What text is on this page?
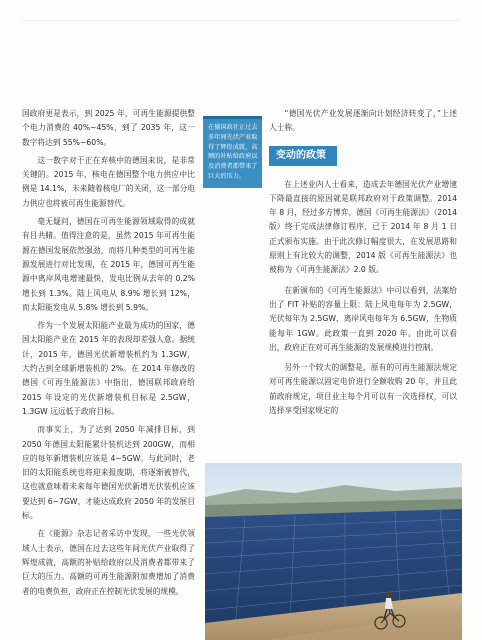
国政府更是表示，到 2025 年，可再生能源提供整个电力消费的 40%~45%，到了 2035 年，这一数字将达到 55%~60%。

这一数字对于正在弃核中的德国来说，是非常关键的。2015 年，核电在德国整个电力供应中比例是 14.1%，未来随着核电厂的关闭，这一部分电力供应也将被可再生能源替代。

毫无疑问，德国在可再生能源领域取得的成就有目共睹。值得注意的是，虽然 2015 年可再生能源在德国发展依然强劲，而将几种类型的可再生能源发展进行对比发现，在 2015 年，德国可再生能源中离岸风电增速最快，发电比例从去年的 0.2% 增长到 1.3%。陆上风电从 8.9% 增长到 12%，而太阳能发电从 5.8% 增长到 5.9%。

作为一个发展太阳能产业最为成功的国家，德国太阳能产业在 2015 年的表现却差强人意。据统计，2015 年，德国光伏新增装机约为 1.3GW，大约占到全球新增装机的 2%。在 2014 年修改的德国《可再生能源法》中指出，德国联邦政府给 2015 年设定的光伏新增装机目标是 2.5GW，1.3GW 远远低于政府目标。

而事实上，为了达到 2050 年减排目标，到 2050 年德国太阳能累计装机达到 200GW，而相应的每年新增装机应该是 4~5GW。与此同时，老旧的太阳能系统也将迎来报废期，将逐渐被替代，这也就意味着未来每年德国光伏新增光伏装机应该要达到 6~7GW，才能达成政府 2050 年的发展目标。

在《能源》杂志记者采访中发现，一些光伏领域人士表示，德国在过去这些年间光伏产业取得了辉煌成就，高额的补贴给政府以及消费者都带来了巨大的压力。高额的可再生能源附加费增加了消费者的电费负担，政府正在控制光伏发展的规模。

在德国政社正过去多年间光伏产业取得了辉煌成就，高额的补贴给政府以及消费者都带来了巨大的压力。

“德国光伏产业发展逐渐向计划经济转变了，”上述人士称。

变动的政策

在上述业内人士看来，造成去年德国光伏产业增速下降最直接的原因就是联邦政府对于政策调整。2014 年 8 月，经过多方博弈，德国《可再生能源法》（2014 版）终于完成法律修订程序，已于 2014 年 8 月 1 日正式颁布实施。由于此次修订幅度很大，在发展思路和原则上有比较大的调整，2014 版《可再生能源法》也被称为《可再生能源法》2.0 版。

在新颁布的《可再生能源法》中可以看到，法案给出了 FIT 补贴的容量上限：陆上风电每年为 2.5GW，光伏每年为 2.5GW，离岸风电每年为 6.5GW，生物质能每年 1GW。此政策一直到 2020 年。由此可以看出，政府正在对可再生能源的发展规模进行控制。

另外一个较大的调整是，原有的可再生能源法规定对可再生能源以固定电价进行全额收购 20 年，并且此前政府规定，项目业主每个月可以有一次选择权，可以选择享受国家规定的
